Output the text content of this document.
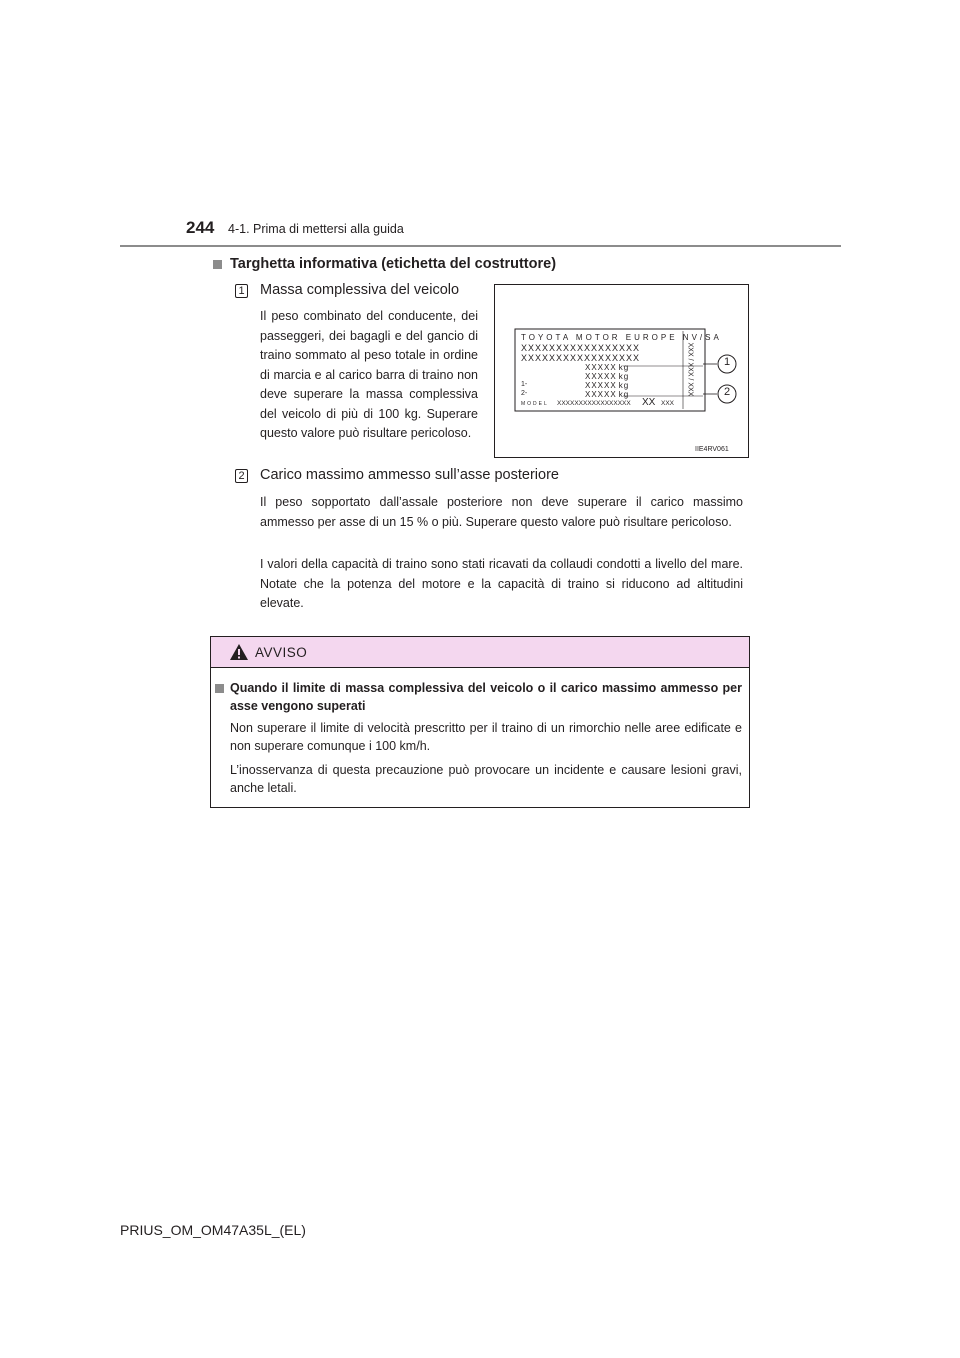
244 4-1. Prima di mettersi alla guida
Targhetta informativa (etichetta del costruttore)
1 Massa complessiva del veicolo
Il peso combinato del conducente, dei passeggeri, dei bagagli e del gancio di traino sommato al peso totale in ordine di marcia e al carico barra di traino non deve superare la massa complessiva del veicolo di più di 100 kg. Superare questo valore può risultare pericoloso.
TOYOTA MOTOR EUROPE NV/SA
XXXXXXXXXXXXXXXXX
XXXXXXXXXXXXXXXXX
XXXXX kg
XXXXX kg
1-	XXXXX kg
2-	XXXXX kg
MODEL XXXXXXXXXXXXXXXXX XX XXX
XXX / XXX / XXX	1
2
IIE4RV061
2 Carico massimo ammesso sull’asse posteriore
Il peso sopportato dall’assale posteriore non deve superare il carico massimo ammesso per asse di un 15 % o più. Superare questo valore può risultare pericoloso.
I valori della capacità di traino sono stati ricavati da collaudi condotti a livello del mare. Notate che la potenza del motore e la capacità di traino si riducono ad altitudini elevate.
AVVISO
Quando il limite di massa complessiva del veicolo o il carico massimo ammesso per asse vengono superati
Non superare il limite di velocità prescritto per il traino di un rimorchio nelle aree edificate e non superare comunque i 100 km/h.
L’inosservanza di questa precauzione può provocare un incidente e causare lesioni gravi, anche letali.
PRIUS_OM_OM47A35L_(EL)
